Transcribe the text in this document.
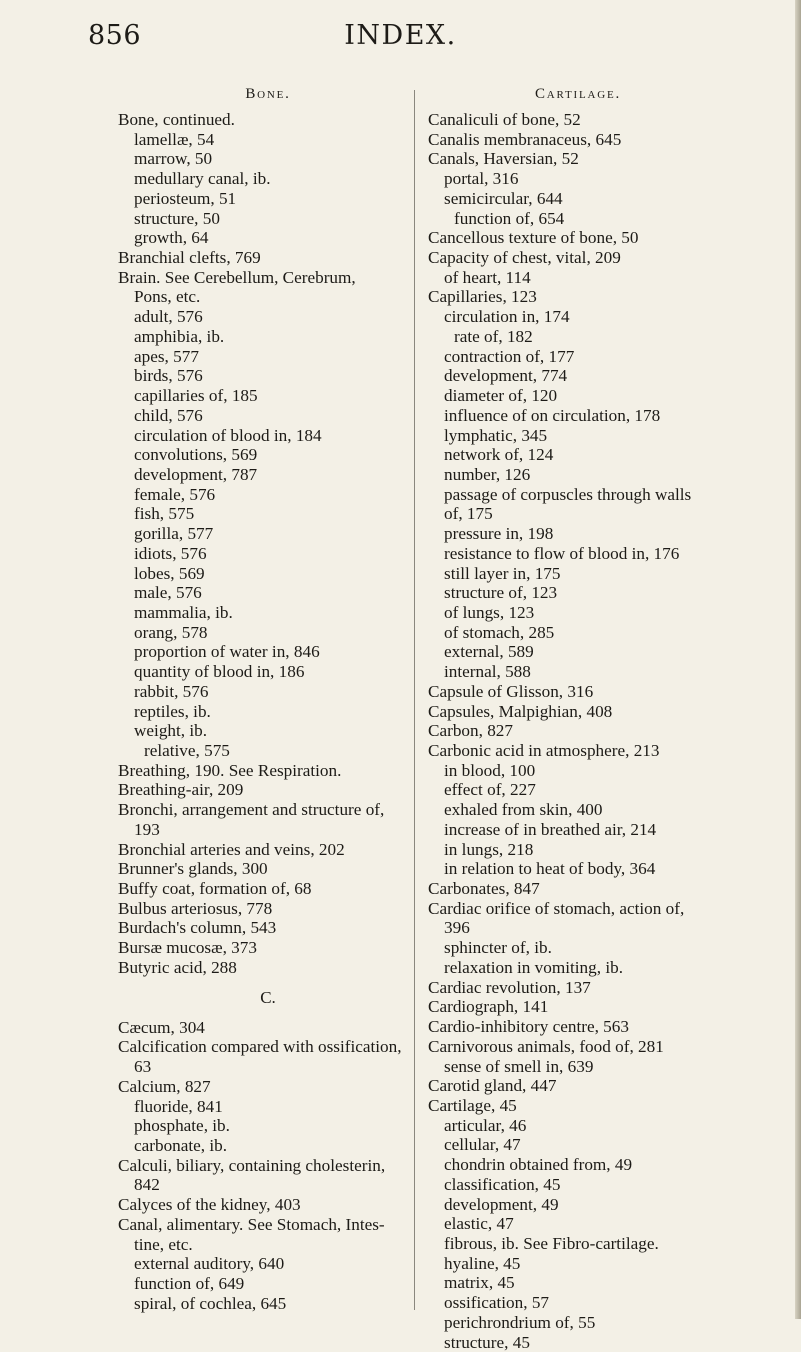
856	INDEX.
Bone.
Bone, continued.
lamellæ, 54
marrow, 50
medullary canal, ib.
periosteum, 51
structure, 50
growth, 64
Branchial clefts, 769
Brain. See Cerebellum, Cerebrum,
Pons, etc.
adult, 576
amphibia, ib.
apes, 577
birds, 576
capillaries of, 185
child, 576
circulation of blood in, 184
convolutions, 569
development, 787
female, 576
fish, 575
gorilla, 577
idiots, 576
lobes, 569
male, 576
mammalia, ib.
orang, 578
proportion of water in, 846
quantity of blood in, 186
rabbit, 576
reptiles, ib.
weight, ib.
relative, 575
Breathing, 190. See Respiration.
Breathing-air, 209
Bronchi, arrangement and structure of,
193
Bronchial arteries and veins, 202
Brunner's glands, 300
Buffy coat, formation of, 68
Bulbus arteriosus, 778
Burdach's column, 543
Bursæ mucosæ, 373
Butyric acid, 288
C.
Cæcum, 304
Calcification compared with ossification,
63
Calcium, 827
fluoride, 841
phosphate, ib.
carbonate, ib.
Calculi, biliary, containing cholesterin,
842
Calyces of the kidney, 403
Canal, alimentary. See Stomach, Intes-
tine, etc.
external auditory, 640
function of, 649
spiral, of cochlea, 645
Cartilage.
Canaliculi of bone, 52
Canalis membranaceus, 645
Canals, Haversian, 52
portal, 316
semicircular, 644
function of, 654
Cancellous texture of bone, 50
Capacity of chest, vital, 209
of heart, 114
Capillaries, 123
circulation in, 174
rate of, 182
contraction of, 177
development, 774
diameter of, 120
influence of on circulation, 178
lymphatic, 345
network of, 124
number, 126
passage of corpuscles through walls
of, 175
pressure in, 198
resistance to flow of blood in, 176
still layer in, 175
structure of, 123
of lungs, 123
of stomach, 285
external, 589
internal, 588
Capsule of Glisson, 316
Capsules, Malpighian, 408
Carbon, 827
Carbonic acid in atmosphere, 213
in blood, 100
effect of, 227
exhaled from skin, 400
increase of in breathed air, 214
in lungs, 218
in relation to heat of body, 364
Carbonates, 847
Cardiac orifice of stomach, action of,
396
sphincter of, ib.
relaxation in vomiting, ib.
Cardiac revolution, 137
Cardiograph, 141
Cardio-inhibitory centre, 563
Carnivorous animals, food of, 281
sense of smell in, 639
Carotid gland, 447
Cartilage, 45
articular, 46
cellular, 47
chondrin obtained from, 49
classification, 45
development, 49
elastic, 47
fibrous, ib. See Fibro-cartilage.
hyaline, 45
matrix, 45
ossification, 57
perichrondrium of, 55
structure, 45
